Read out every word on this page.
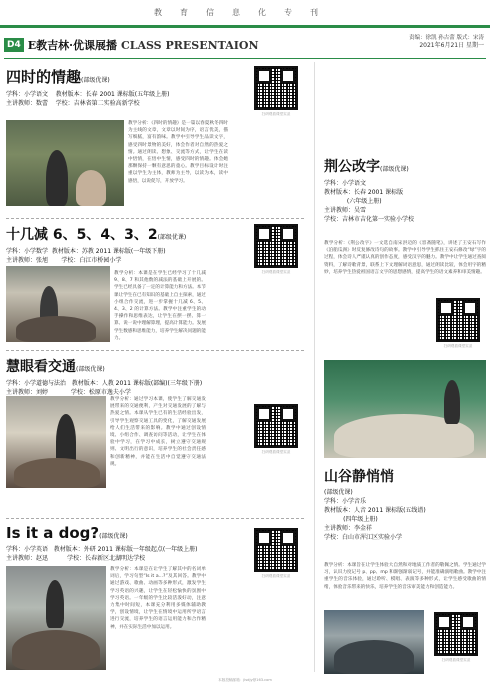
教育信息化专刊
D4 E教吉林·优课展播 CLASS PRESENTAION
责编：徐凯 孙古蕾 版式：宋涛
2021年6月21日 星期一
四时的情趣(部级优课)
学科：小学语文 教材版本：长春 2001 课标版(五年级上册)
主讲教师：数蕾 学校：吉林省第二实验高新学校
扫码观看课堂实录
教学分析：《四时的情趣》是一篇以春夏秋冬四时为主线的文章，文章以时间为序，语言优美，描写细腻，富有韵味。教学中引导学生品读文字，感受四时景物的美好，体会作者对自然的热爱之情。通过朗读、想象、交流等方式，让学生在读中悟情，在悟中生情，感受四时的情趣。体会她那颗保持一颗有意思的童心。教学目标设计时注重以学生为主体，教师为主导，以读为本，读中感悟，以说促写，开放学习。
十几减 6、5、4、3、2(部级优课)
学科：小学数学 教材版本：苏教 2011 课标版(一年级下册)
主讲教师：张旭 学校：白江市桥园小学
扫码观看课堂实录
教学分析：本课是在学生已经学习了十几减 9、8、7 和其他数的减法的基础上开展的。学生已经具备了一定的计算能力和方法。本节课让学生在已有知识的基础上自主探索，通过小组合作交流，进一步掌握十几减 6、5、4、3、2 的计算方法。教学中注重学生的动手操作和思维表达，让学生在摆一摆、算一算、说一说中理解算理，提高计算能力。发展学生数感和思维能力，培养学生解决问题的能力。
荆公改字(部级优课)
学科：小学语文
教材版本：长春 2001 课标版
(六年级上册)
主讲教师：吴雪
学校：吉林市吉化第一实验小学校
教学分析：《荆公改字》一文选自南宋洪迈的《容斋随笔》，讲述了王安石写作《泊船瓜洲》时反复修改诗句的故事。教学中引导学生抓住王安石修改“绿”字的过程，体会诗人严谨认真的创作态度，感受汉字的魅力。教学中让学生通过查阅资料，了解诗歌背景，联系上下文理解词语意思，通过朗读比较，体会用字的精妙，培养学生热爱祖国语言文字的思想感情，提高学生的语文素养和审美情趣。
扫码观看课堂实录
慧眼看交通(部级优课)
学科：小学道德与法治 教材版本：人教 2011 课标版(部编)(三年级下册)
主讲教师：刘婷	学校：松原市逸夫小学
教学分析：通过学习本课，使学生了解交通发展带来的交通便利，产生对交通发展的了解与热爱之情。本课从学生已有的生活经验出发，引导学生观察交通工具的变化，了解交通发展给人们生活带来的影响。教学中通过创设情境、小组合作、调查访问等活动，让学生在体验中学习，在学习中成长，树立遵守交通规则、文明出行的意识，培养学生的社会责任感和创新精神，并能在生活中自觉遵守交通法规。
扫码观看课堂实录
山谷静悄悄
(部级优课)
学科：小学音乐
教材版本：人音 2011 课标版(五线谱)
(四年级上册)
主讲教师：李金祥
学校：白山市浑江区实验小学
教学分析：本课旨在让学生体验大自然和对地质工作者的敬佩之情。学生通过学习，认识力度记号 p、pp、mp 和渐强渐弱记号，并能准确演唱歌曲。教学中注重学生的音乐体验，通过聆听、模唱、表演等多种形式，让学生感受歌曲的情绪，体验音乐带来的快乐，培养学生的音乐审美能力和创造能力。
扫码观看课堂实录
Is it a dog?(部级优课)
学科：小学英语 教材版本：外研 2011 课标版一年级起点(一年级上册)
主讲教师：赵迅	学校：长春新区北湖明达学校
扫码观看课堂实录
教学分析：本课是在让学生了解其中的名词单词后，学习句型“Is it a...?”及其回答。教学中通过游戏、歌曲、动画等多种形式，激发学生学习英语的兴趣，让学生在轻松愉快的氛围中学习英语。一年级的学生比较活泼好动，注意力集中时间短，本课充分利用多媒体辅助教学，创设情境，让学生在情境中运用所学语言进行交流，培养学生的语言运用能力和合作精神，并在实际生活中加以运用。
本版投稿邮箱：jlsdjy@163.com
